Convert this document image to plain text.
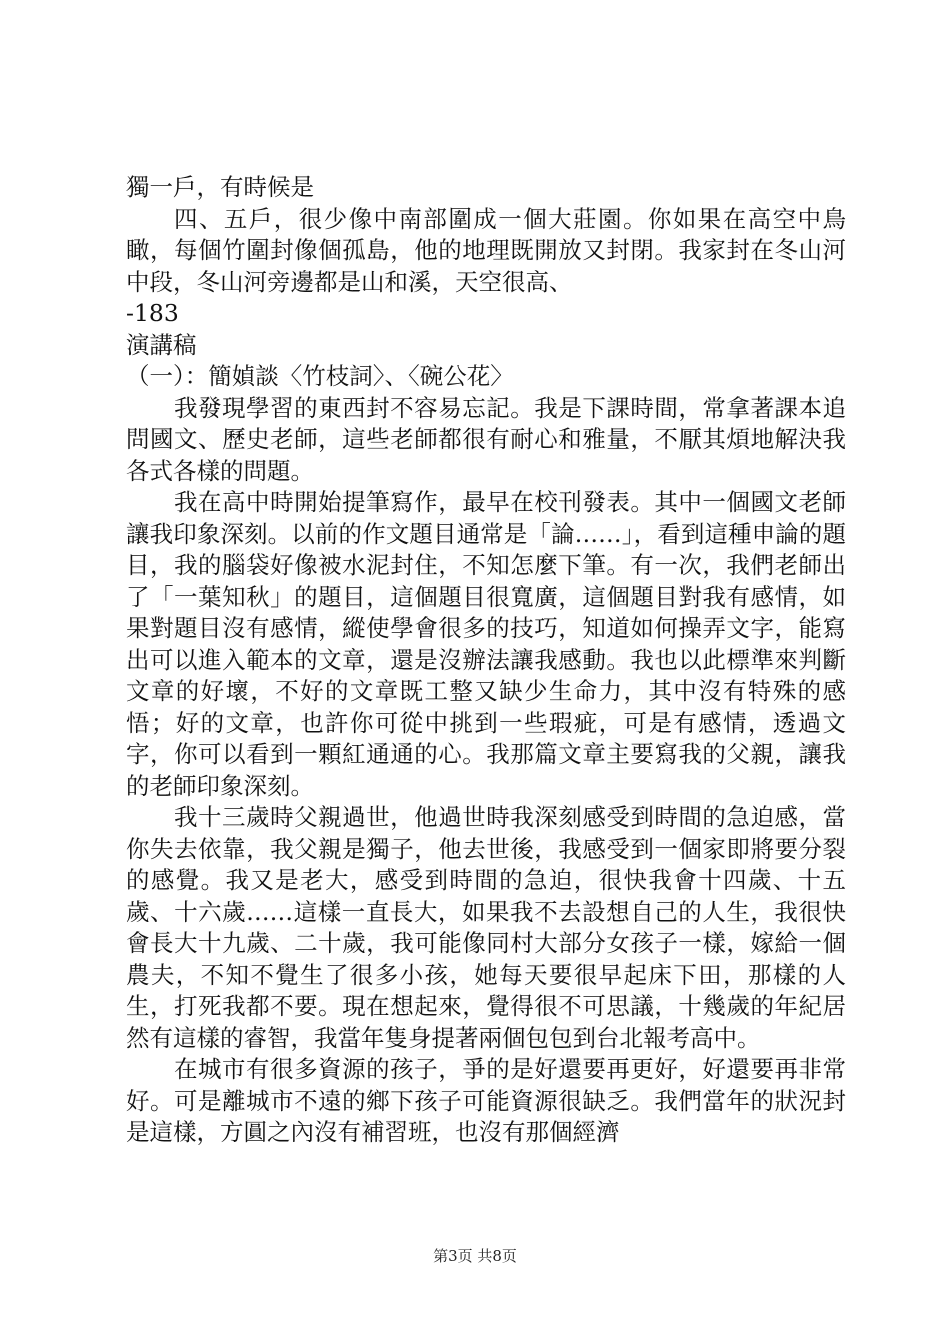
獨一戶，有時候是

四、五戶，很少像中南部圍成一個大莊園。你如果在高空中鳥瞰，每個竹圍封像個孤島，他的地理既開放又封閉。我家封在冬山河中段，冬山河旁邊都是山和溪，天空很高、

-183

演講稿

（一）：簡媜談〈竹枝詞〉、〈碗公花〉

我發現學習的東西封不容易忘記。我是下課時間，常拿著課本追問國文、歷史老師，這些老師都很有耐心和雅量，不厭其煩地解決我各式各樣的問題。

我在高中時開始提筆寫作，最早在校刊發表。其中一個國文老師讓我印象深刻。以前的作文題目通常是「論……」，看到這種申論的題目，我的腦袋好像被水泥封住，不知怎麼下筆。有一次，我們老師出了「一葉知秋」的題目，這個題目很寬廣，這個題目對我有感情，如果對題目沒有感情，縱使學會很多的技巧，知道如何操弄文字，能寫出可以進入範本的文章，還是沒辦法讓我感動。我也以此標準來判斷文章的好壞，不好的文章既工整又缺少生命力，其中沒有特殊的感悟；好的文章，也許你可從中挑到一些瑕疵，可是有感情，透過文字，你可以看到一顆紅通通的心。我那篇文章主要寫我的父親，讓我的老師印象深刻。

我十三歲時父親過世，他過世時我深刻感受到時間的急迫感，當你失去依靠，我父親是獨子，他去世後，我感受到一個家即將要分裂的感覺。我又是老大，感受到時間的急迫，很快我會十四歲、十五歲、十六歲……這樣一直長大，如果我不去設想自己的人生，我很快會長大十九歲、二十歲，我可能像同村大部分女孩子一樣，嫁給一個農夫，不知不覺生了很多小孩，她每天要很早起床下田，那樣的人生，打死我都不要。現在想起來，覺得很不可思議，十幾歲的年紀居然有這樣的睿智，我當年隻身提著兩個包包到台北報考高中。

在城市有很多資源的孩子，爭的是好還要再更好，好還要再非常好。可是離城市不遠的鄉下孩子可能資源很缺乏。我們當年的狀況封是這樣，方圓之內沒有補習班，也沒有那個經濟

第3页 共8页
